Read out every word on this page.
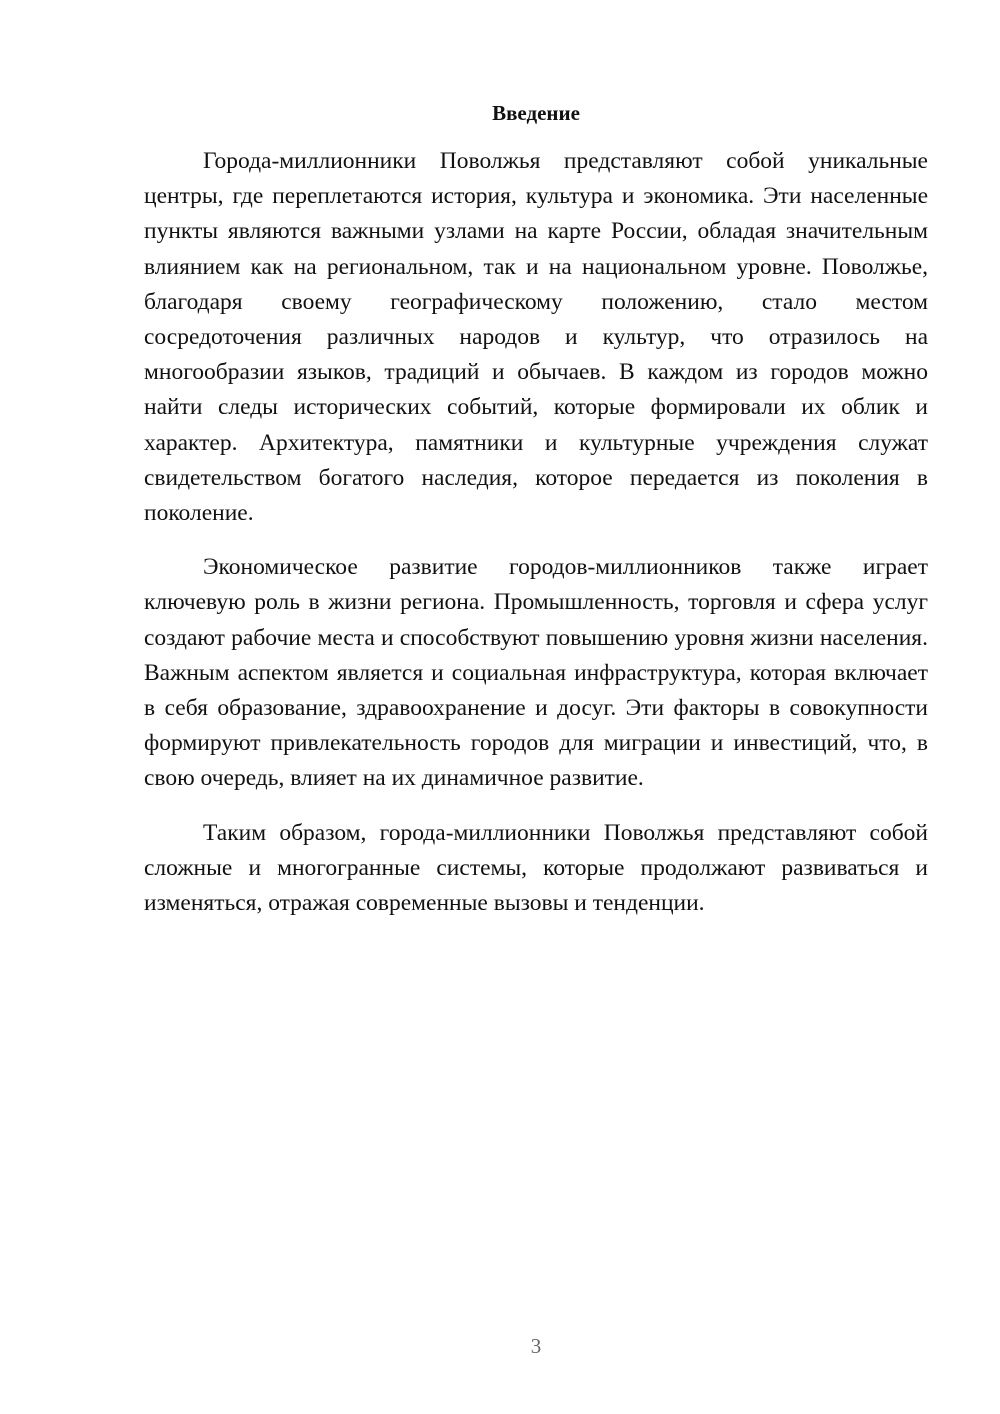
Введение

Города-миллионники Поволжья представляют собой уникальные центры, где переплетаются история, культура и экономика. Эти населенные пункты являются важными узлами на карте России, обладая значительным влиянием как на региональном, так и на национальном уровне. Поволжье, благодаря своему географическому положению, стало местом сосредоточения различных народов и культур, что отразилось на многообразии языков, традиций и обычаев. В каждом из городов можно найти следы исторических событий, которые формировали их облик и характер. Архитектура, памятники и культурные учреждения служат свидетельством богатого наследия, которое передается из поколения в поколение.

Экономическое развитие городов-миллионников также играет ключевую роль в жизни региона. Промышленность, торговля и сфера услуг создают рабочие места и способствуют повышению уровня жизни населения. Важным аспектом является и социальная инфраструктура, которая включает в себя образование, здравоохранение и досуг. Эти факторы в совокупности формируют привлекательность городов для миграции и инвестиций, что, в свою очередь, влияет на их динамичное развитие.

Таким образом, города-миллионники Поволжья представляют собой сложные и многогранные системы, которые продолжают развиваться и изменяться, отражая современные вызовы и тенденции.

3
